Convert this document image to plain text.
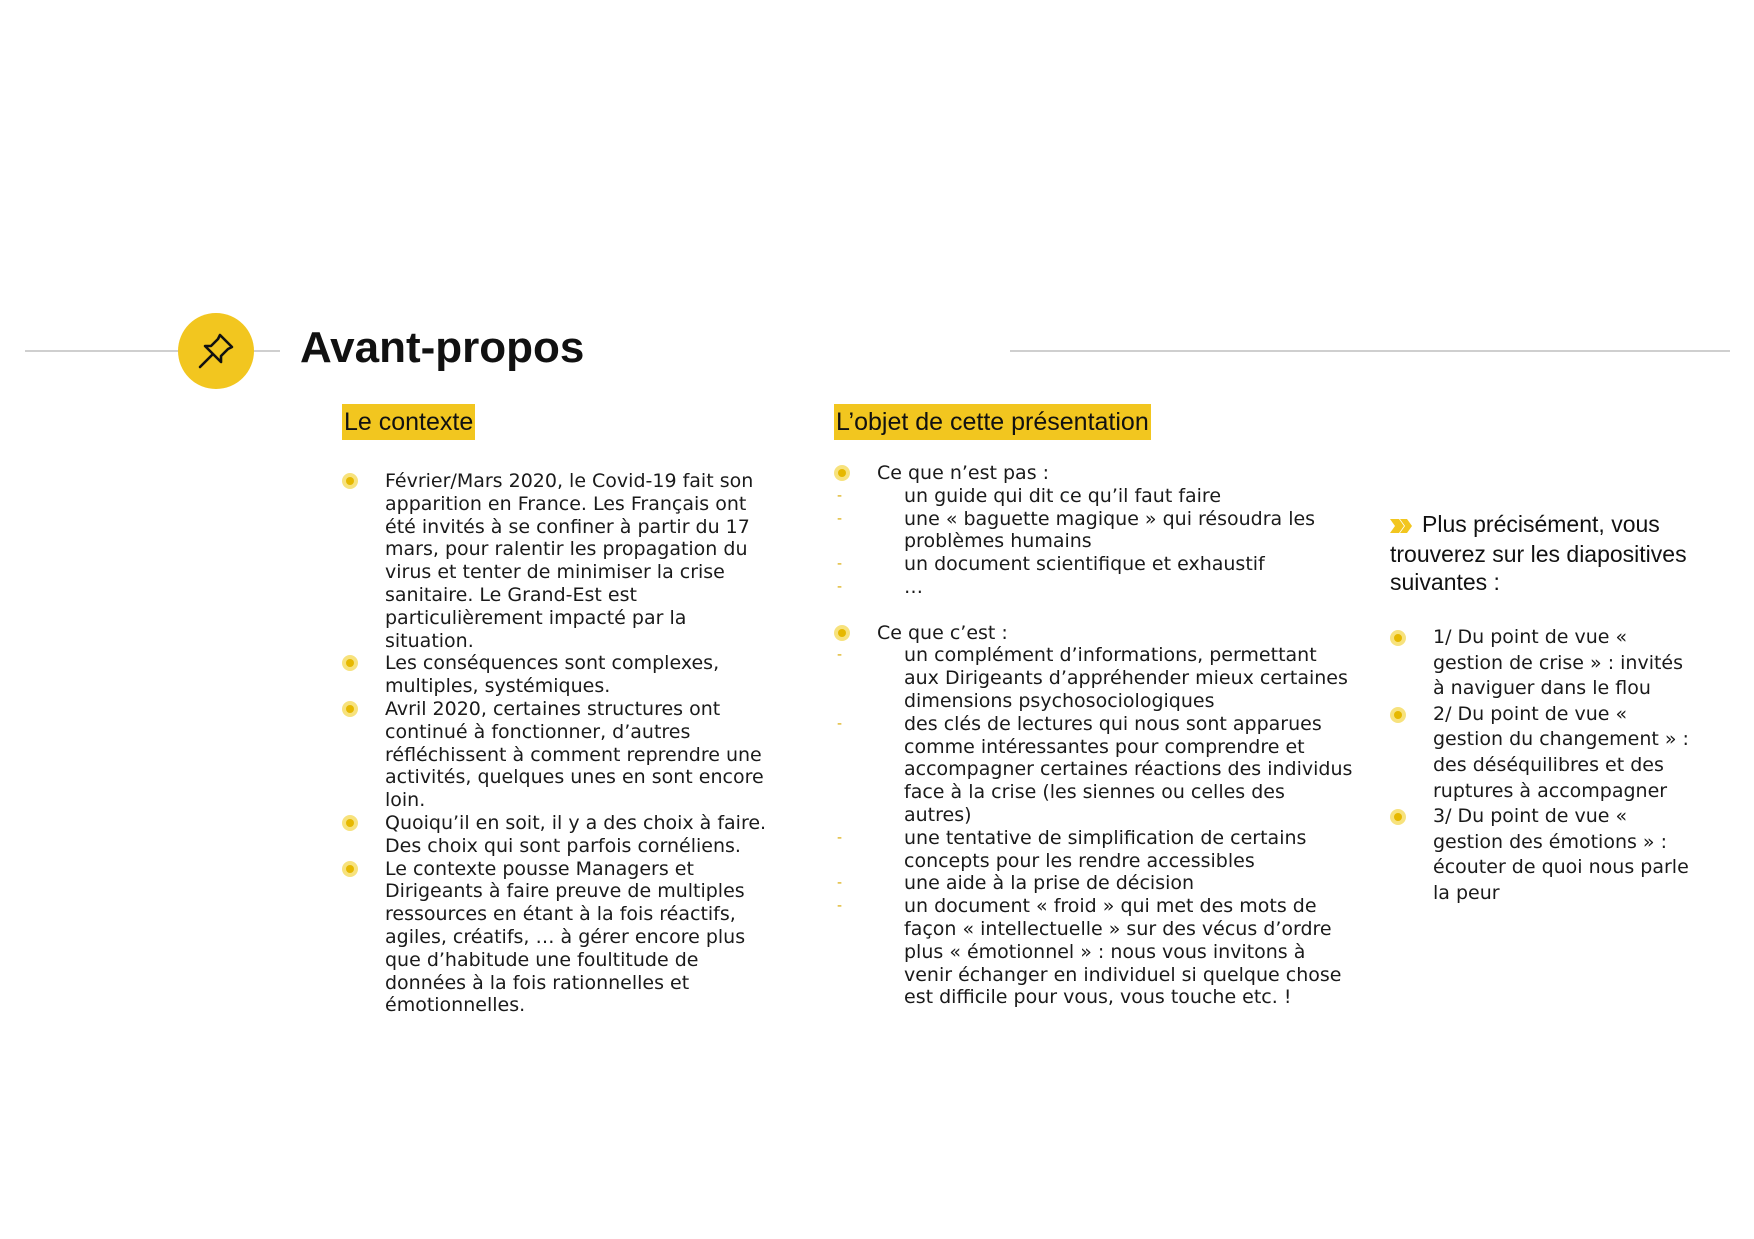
Avant-propos
Le contexte	L’objet de cette présentation
Février/Mars 2020, le Covid-19 fait son apparition en France. Les Français ont été invités à se confiner à partir du 17 mars, pour ralentir les propagation du virus et tenter de minimiser la crise sanitaire. Le Grand-Est est particulièrement impacté par la situation.
Les conséquences sont complexes, multiples, systémiques.
Avril 2020, certaines structures ont continué à fonctionner, d’autres réfléchissent à comment reprendre une activités, quelques unes en sont encore loin.
Quoiqu’il en soit, il y a des choix à faire. Des choix qui sont parfois cornéliens.
Le contexte pousse Managers et Dirigeants à faire preuve de multiples ressources en étant à la fois réactifs, agiles, créatifs, … à gérer encore plus que d’habitude une foultitude de données à la fois rationnelles et émotionnelles.
Ce que n’est pas :
-	un guide qui dit ce qu’il faut faire
-	une « baguette magique » qui résoudra les problèmes humains
-	un document scientifique et exhaustif
-	…
Ce que c’est :
-	un complément d’informations, permettant aux Dirigeants d’appréhender mieux certaines dimensions psychosociologiques
-	des clés de lectures qui nous sont apparues comme intéressantes pour comprendre et accompagner certaines réactions des individus face à la crise (les siennes ou celles des autres)
-	une tentative de simplification de certains concepts pour les rendre accessibles
-	une aide à la prise de décision
-	un document « froid » qui met des mots de façon « intellectuelle » sur des vécus d’ordre plus « émotionnel » : nous vous invitons à venir échanger en individuel si quelque chose est difficile pour vous, vous touche etc. !
Plus précisément, vous trouverez sur les diapositives suivantes :
1/ Du point de vue « gestion de crise » : invités à naviguer dans le flou
2/ Du point de vue « gestion du changement » : des déséquilibres et des ruptures à accompagner
3/ Du point de vue « gestion des émotions » : écouter de quoi nous parle la peur
